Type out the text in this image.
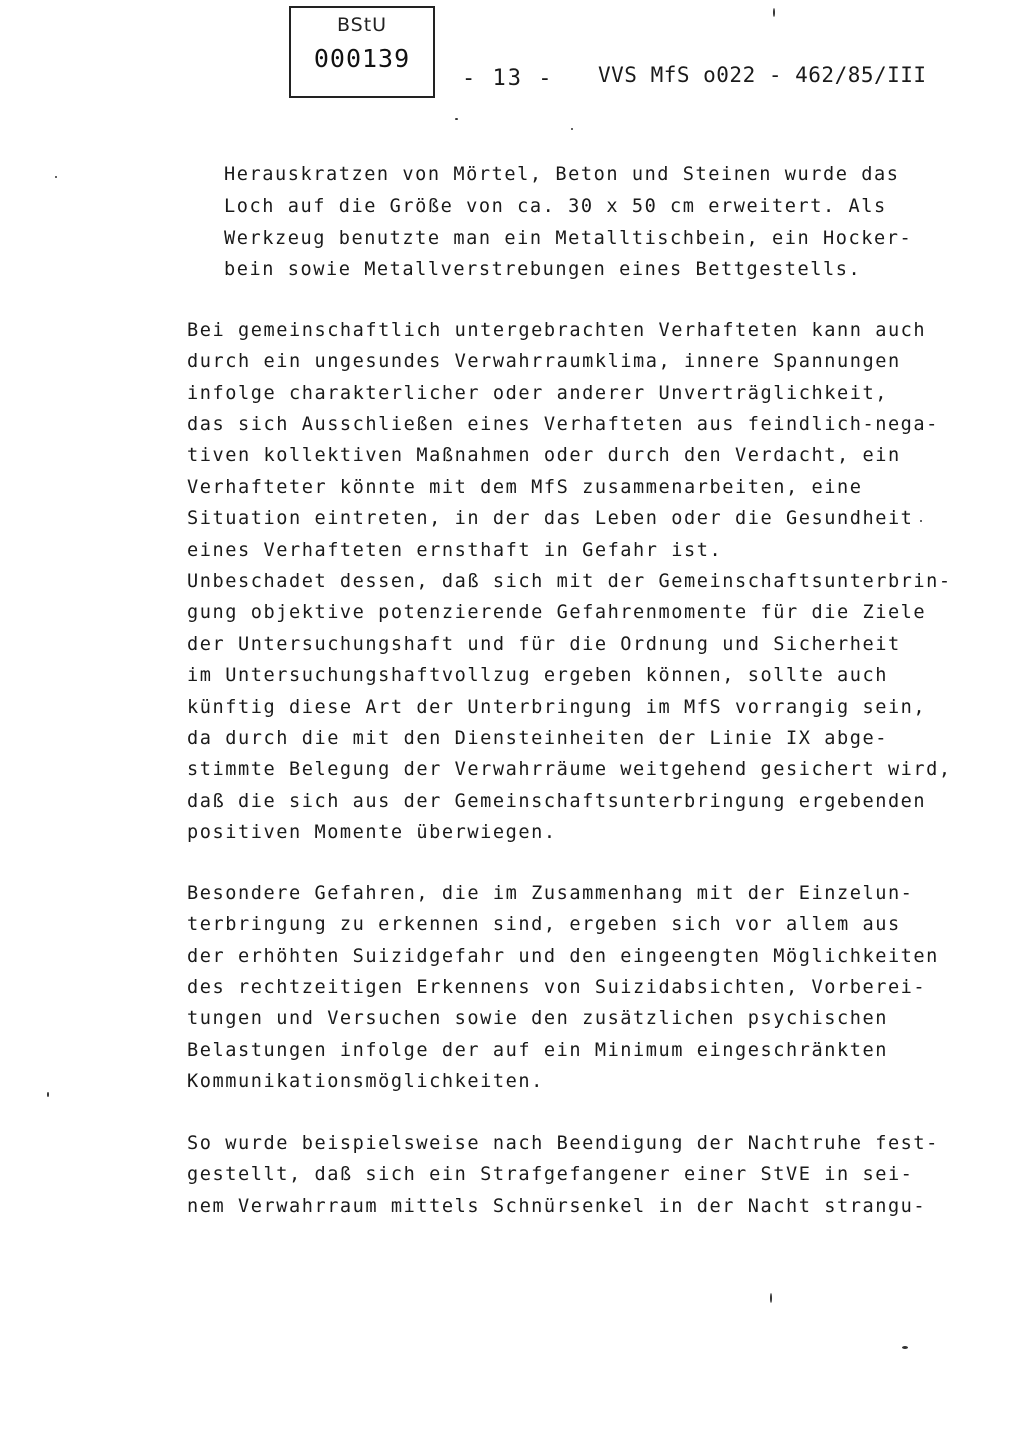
BStU
000139
- 13 - VVS MfS o022 - 462/85/III
Herauskratzen von Mörtel, Beton und Steinen wurde das
Loch auf die Größe von ca. 30 x 50 cm erweitert. Als
Werkzeug benutzte man ein Metalltischbein, ein Hocker-
bein sowie Metallverstrebungen eines Bettgestells.
Bei gemeinschaftlich untergebrachten Verhafteten kann auch
durch ein ungesundes Verwahrraumklima, innere Spannungen
infolge charakterlicher oder anderer Unverträglichkeit,
das sich Ausschließen eines Verhafteten aus feindlich-nega-
tiven kollektiven Maßnahmen oder durch den Verdacht, ein
Verhafteter könnte mit dem MfS zusammenarbeiten, eine
Situation eintreten, in der das Leben oder die Gesundheit
eines Verhafteten ernsthaft in Gefahr ist.
Unbeschadet dessen, daß sich mit der Gemeinschaftsunterbrin-
gung objektive potenzierende Gefahrenmomente für die Ziele
der Untersuchungshaft und für die Ordnung und Sicherheit
im Untersuchungshaftvollzug ergeben können, sollte auch
künftig diese Art der Unterbringung im MfS vorrangig sein,
da durch die mit den Diensteinheiten der Linie IX abge-
stimmte Belegung der Verwahrräume weitgehend gesichert wird,
daß die sich aus der Gemeinschaftsunterbringung ergebenden
positiven Momente überwiegen.
Besondere Gefahren, die im Zusammenhang mit der Einzelun-
terbringung zu erkennen sind, ergeben sich vor allem aus
der erhöhten Suizidgefahr und den eingeengten Möglichkeiten
des rechtzeitigen Erkennens von Suizidabsichten, Vorberei-
tungen und Versuchen sowie den zusätzlichen psychischen
Belastungen infolge der auf ein Minimum eingeschränkten
Kommunikationsmöglichkeiten.
So wurde beispielsweise nach Beendigung der Nachtruhe fest-
gestellt, daß sich ein Strafgefangener einer StVE in sei-
nem Verwahrraum mittels Schnürsenkel in der Nacht strangu-
